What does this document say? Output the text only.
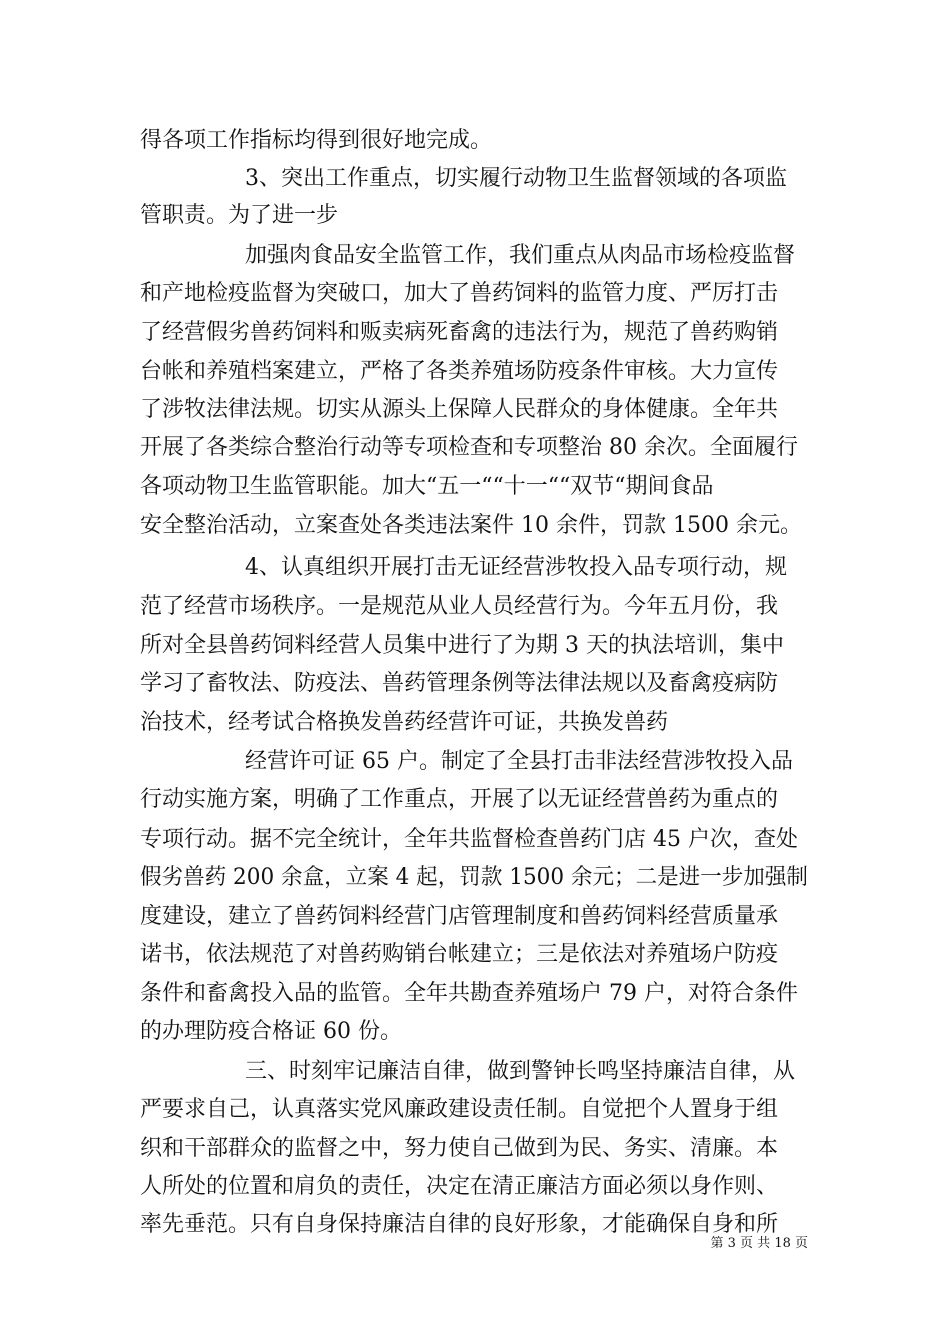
得各项工作指标均得到很好地完成。
3、突出工作重点，切实履行动物卫生监督领域的各项监
管职责。为了进一步
加强肉食品安全监管工作，我们重点从肉品市场检疫监督
和产地检疫监督为突破口，加大了兽药饲料的监管力度、严厉打击
了经营假劣兽药饲料和贩卖病死畜禽的违法行为，规范了兽药购销
台帐和养殖档案建立，严格了各类养殖场防疫条件审核。大力宣传
了涉牧法律法规。切实从源头上保障人民群众的身体健康。全年共
开展了各类综合整治行动等专项检查和专项整治 80 余次。全面履行
各项动物卫生监管职能。加大“五一““十一““双节“期间食品
安全整治活动，立案查处各类违法案件 10 余件，罚款 1500 余元。
4、认真组织开展打击无证经营涉牧投入品专项行动，规
范了经营市场秩序。一是规范从业人员经营行为。今年五月份，我
所对全县兽药饲料经营人员集中进行了为期 3 天的执法培训，集中
学习了畜牧法、防疫法、兽药管理条例等法律法规以及畜禽疫病防
治技术，经考试合格换发兽药经营许可证，共换发兽药
经营许可证 65 户。制定了全县打击非法经营涉牧投入品
行动实施方案，明确了工作重点，开展了以无证经营兽药为重点的
专项行动。据不完全统计，全年共监督检查兽药门店 45 户次，查处
假劣兽药 200 余盒，立案 4 起，罚款 1500 余元；二是进一步加强制
度建设，建立了兽药饲料经营门店管理制度和兽药饲料经营质量承
诺书，依法规范了对兽药购销台帐建立；三是依法对养殖场户防疫
条件和畜禽投入品的监管。全年共勘查养殖场户 79 户，对符合条件
的办理防疫合格证 60 份。
三、时刻牢记廉洁自律，做到警钟长鸣坚持廉洁自律，从
严要求自己，认真落实党风廉政建设责任制。自觉把个人置身于组
织和干部群众的监督之中，努力使自己做到为民、务实、清廉。本
人所处的位置和肩负的责任，决定在清正廉洁方面必须以身作则、
率先垂范。只有自身保持廉洁自律的良好形象，才能确保自身和所
第 3 页 共 18 页
